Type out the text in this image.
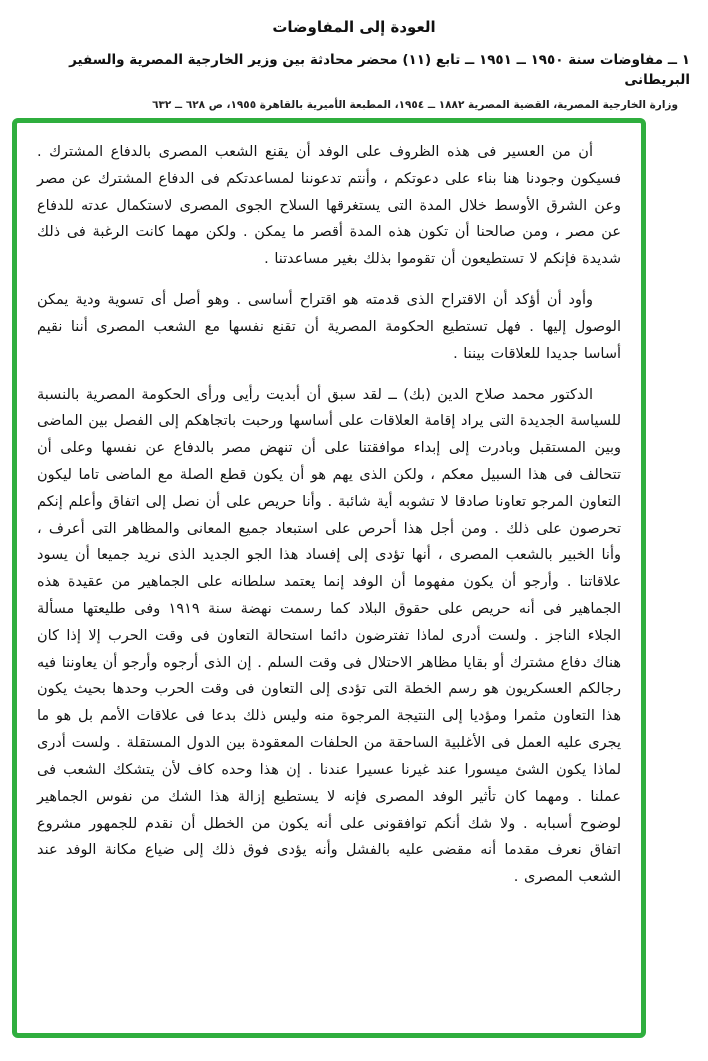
العودة إلى المفاوضات
١ ــ مفاوضات سنة ١٩٥٠ ــ ١٩٥١ ــ تابع (١١) محضر محادثة بين وزير الخارجية المصرية والسفير البريطانى
وزارة الخارجية المصرية، القضية المصرية ١٨٨٢ ــ ١٩٥٤، المطبعة الأميرية بالقاهرة ١٩٥٥، ص ٦٢٨ ــ ٦٣٢

أن من العسير فى هذه الظروف على الوفد أن يقنع الشعب المصرى بالدفاع المشترك . فسيكون وجودنا هنا بناء على دعوتكم ، وأنتم تدعوننا لمساعدتكم فى الدفاع المشترك عن مصر وعن الشرق الأوسط خلال المدة التى يستغرقها السلاح الجوى المصرى لاستكمال عدته للدفاع عن مصر ، ومن صالحنا أن تكون هذه المدة أقصر ما يمكن . ولكن مهما كانت الرغبة فى ذلك شديدة فإنكم لا تستطيعون أن تقوموا بذلك بغير مساعدتنا .

وأود أن أؤكد أن الاقتراح الذى قدمته هو اقتراح أساسى . وهو أصل أى تسوية ودية يمكن الوصول إليها . فهل تستطيع الحكومة المصرية أن تقنع نفسها مع الشعب المصرى أننا نقيم أساسا جديدا للعلاقات بيننا .

الدكتور محمد صلاح الدين (بك) ــ لقد سبق أن أبديت رأيى ورأى الحكومة المصرية بالنسبة للسياسة الجديدة التى يراد إقامة العلاقات على أساسها ورحبت باتجاهكم إلى الفصل بين الماضى وبين المستقبل وبادرت إلى إبداء موافقتنا على أن تنهض مصر بالدفاع عن نفسها وعلى أن تتحالف فى هذا السبيل معكم ، ولكن الذى يهم هو أن يكون قطع الصلة مع الماضى تاما ليكون التعاون المرجو تعاونا صادقا لا تشوبه أية شائبة . وأنا حريص على أن نصل إلى اتفاق وأعلم إنكم تحرصون على ذلك . ومن أجل هذا أحرص على استبعاد جميع المعانى والمظاهر التى أعرف ، وأنا الخبير بالشعب المصرى ، أنها تؤدى إلى إفساد هذا الجو الجديد الذى نريد جميعا أن يسود علاقاتنا . وأرجو أن يكون مفهوما أن الوفد إنما يعتمد سلطانه على الجماهير من عقيدة هذه الجماهير فى أنه حريص على حقوق البلاد كما رسمت نهضة سنة ١٩١٩ وفى طليعتها مسألة الجلاء الناجز . ولست أدرى لماذا تفترضون دائما استحالة التعاون فى وقت الحرب إلا إذا كان هناك دفاع مشترك أو بقايا مظاهر الاحتلال فى وقت السلم . إن الذى أرجوه وأرجو أن يعاوننا فيه رجالكم العسكريون هو رسم الخطة التى تؤدى إلى التعاون فى وقت الحرب وحدها بحيث يكون هذا التعاون مثمرا ومؤديا إلى النتيجة المرجوة منه وليس ذلك بدعا فى علاقات الأمم بل هو ما يجرى عليه العمل فى الأغلبية الساحقة من الحلفات المعقودة بين الدول المستقلة . ولست أدرى لماذا يكون الشئ ميسورا عند غيرنا عسيرا عندنا . إن هذا وحده كاف لأن يتشكك الشعب فى عملنا . ومهما كان تأثير الوفد المصرى فإنه لا يستطيع إزالة هذا الشك من نفوس الجماهير لوضوح أسبابه . ولا شك أنكم توافقونى على أنه يكون من الخطل أن نقدم للجمهور مشروع اتفاق نعرف مقدما أنه مقضى عليه بالفشل وأنه يؤدى فوق ذلك إلى ضياع مكانة الوفد عند الشعب المصرى .
